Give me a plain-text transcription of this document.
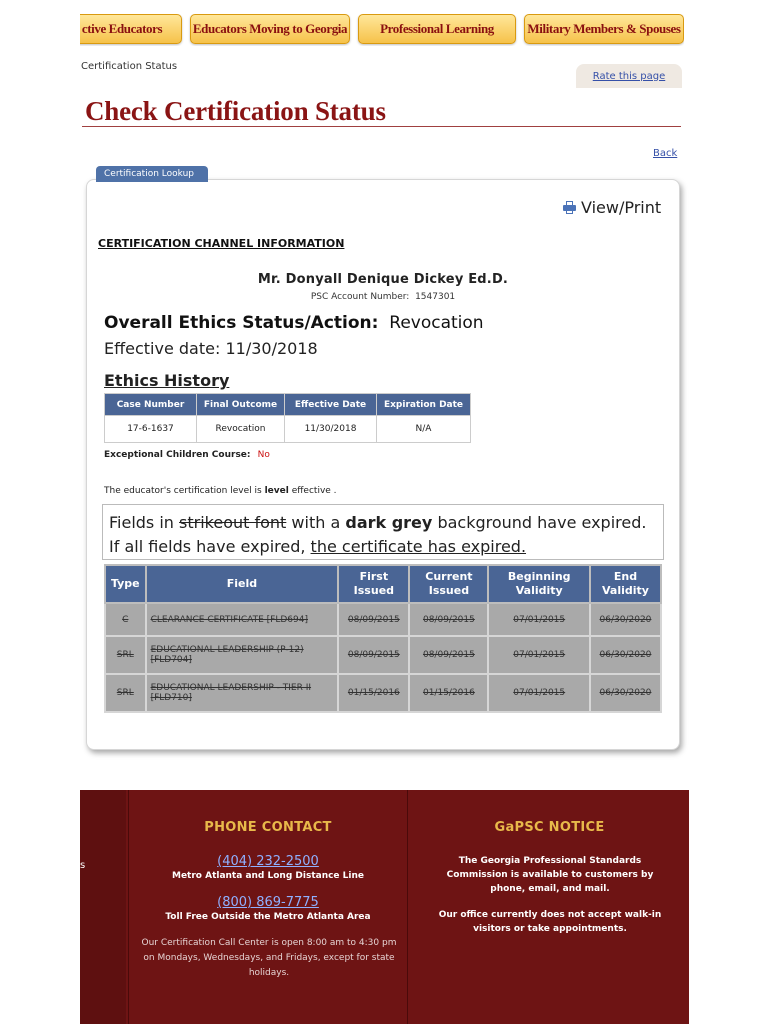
ctive Educators	Educators Moving to Georgia	Professional Learning	Military Members & Spouses
Certification Status
Rate this page
Check Certification Status
Back
Certification Lookup
View/Print
CERTIFICATION CHANNEL INFORMATION
Mr. Donyall Denique Dickey Ed.D.
PSC Account Number: 1547301
Overall Ethics Status/Action: Revocation
Effective date: 11/30/2018
Ethics History
Case Number	Final Outcome	Effective Date	Expiration Date
17-6-1637	Revocation	11/30/2018	N/A
Exceptional Children Course: No
The educator's certification level is level effective .
Fields in strikeout font with a dark grey background have expired. If all fields have expired, the certificate has expired.
Type	Field	First Issued	Current Issued	Beginning Validity	End Validity
C	CLEARANCE CERTIFICATE [FLD694]	08/09/2015	08/09/2015	07/01/2015	06/30/2020
SRL	EDUCATIONAL LEADERSHIP (P-12) [FLD704]	08/09/2015	08/09/2015	07/01/2015	06/30/2020
SRL	EDUCATIONAL LEADERSHIP - TIER II [FLD710]	01/15/2016	01/15/2016	07/01/2015	06/30/2020
s
PHONE CONTACT
(404) 232-2500
Metro Atlanta and Long Distance Line
(800) 869-7775
Toll Free Outside the Metro Atlanta Area
Our Certification Call Center is open 8:00 am to 4:30 pm on Mondays, Wednesdays, and Fridays, except for state holidays.
GaPSC NOTICE
The Georgia Professional Standards Commission is available to customers by phone, email, and mail.
Our office currently does not accept walk-in visitors or take appointments.
